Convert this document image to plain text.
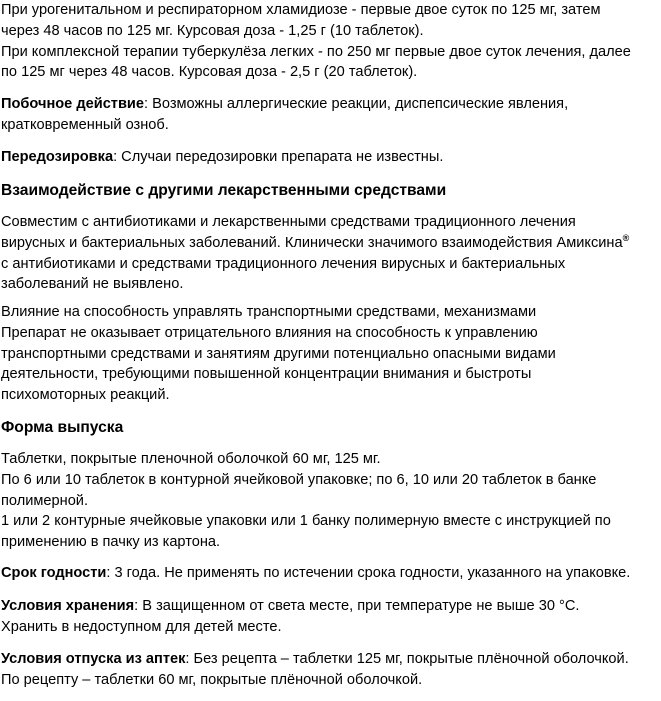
При урогенитальном и респираторном хламидиозе - первые двое суток по 125 мг, затем
через 48 часов по 125 мг. Курсовая доза - 1,25 г (10 таблеток).
При комплексной терапии туберкулёза легких - по 250 мг первые двое суток лечения, далее
по 125 мг через 48 часов. Курсовая доза - 2,5 г (20 таблеток).

Побочное действие: Возможны аллергические реакции, диспепсические явления,
кратковременный озноб.

Передозировка: Случаи передозировки препарата не известны.

Взаимодействие с другими лекарственными средствами

Совместим с антибиотиками и лекарственными средствами традиционного лечения
вирусных и бактериальных заболеваний. Клинически значимого взаимодействия Амиксина®
с антибиотиками и средствами традиционного лечения вирусных и бактериальных
заболеваний не выявлено.

Влияние на способность управлять транспортными средствами, механизмами
Препарат не оказывает отрицательного влияния на способность к управлению
транспортными средствами и занятиям другими потенциально опасными видами
деятельности, требующими повышенной концентрации внимания и быстроты
психомоторных реакций.

Форма выпуска

Таблетки, покрытые пленочной оболочкой 60 мг, 125 мг.
По 6 или 10 таблеток в контурной ячейковой упаковке; по 6, 10 или 20 таблеток в банке
полимерной.
1 или 2 контурные ячейковые упаковки или 1 банку полимерную вместе с инструкцией по
применению в пачку из картона.

Срок годности: 3 года. Не применять по истечении срока годности, указанного на упаковке.

Условия хранения: В защищенном от света месте, при температуре не выше 30 °С.
Хранить в недоступном для детей месте.

Условия отпуска из аптек: Без рецепта – таблетки 125 мг, покрытые плёночной оболочкой.
По рецепту – таблетки 60 мг, покрытые плёночной оболочкой.
